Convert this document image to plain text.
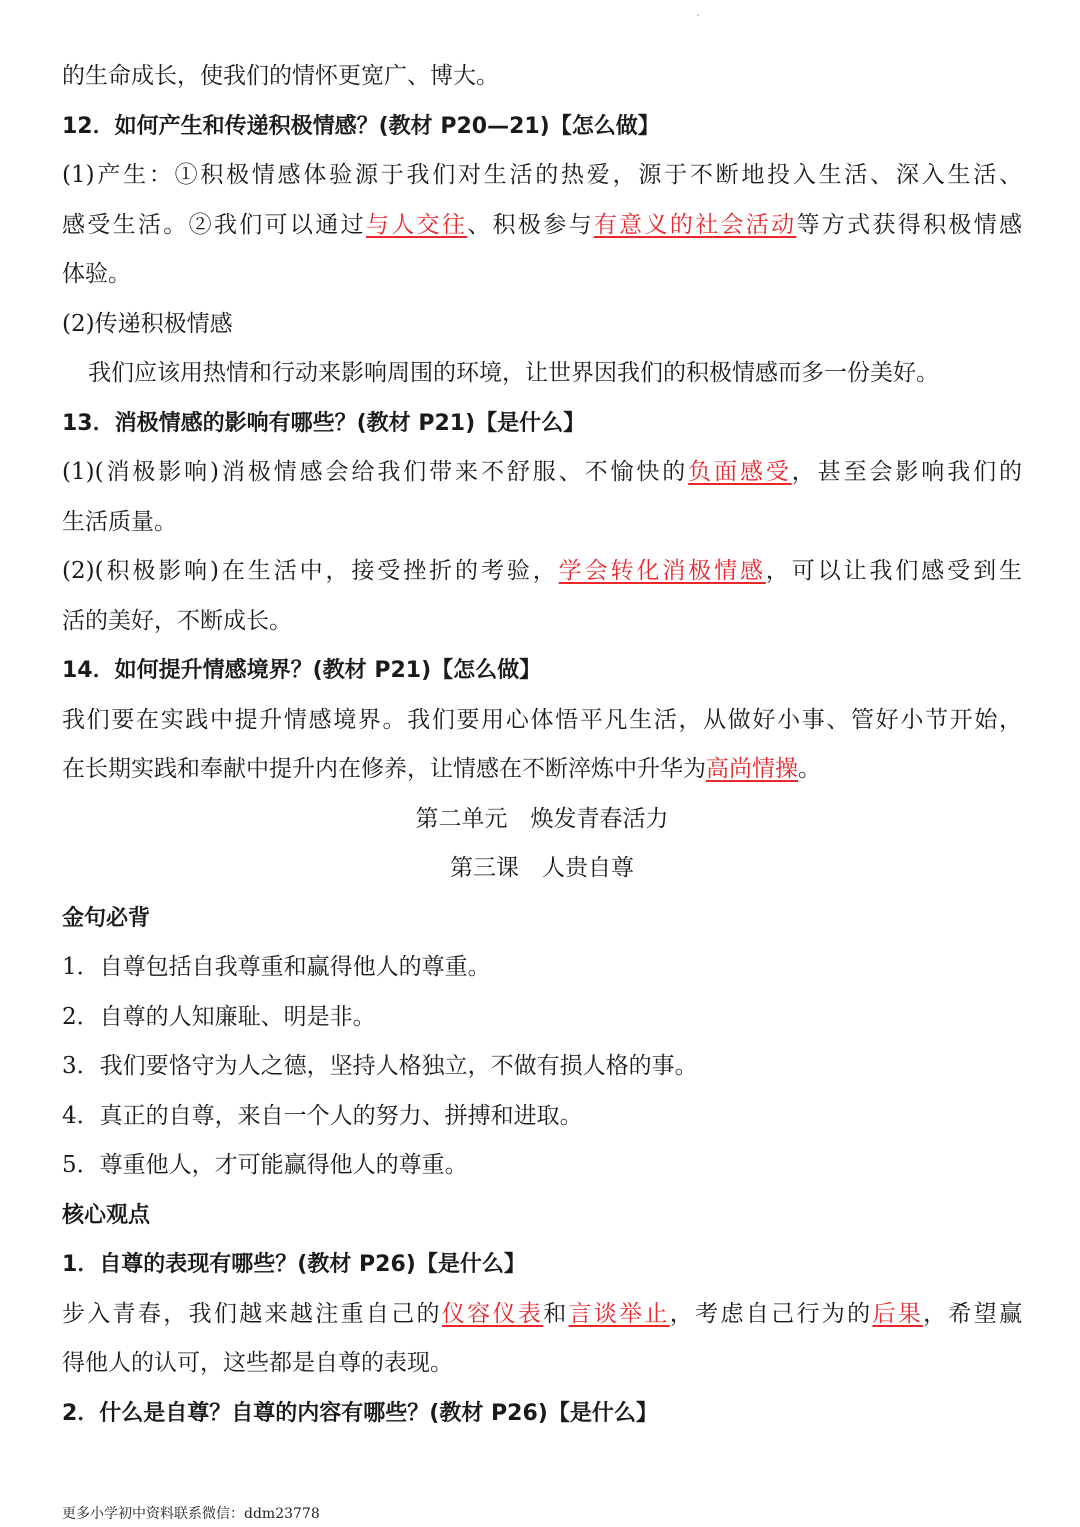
的生命成长，使我们的情怀更宽广、博大。
12．如何产生和传递积极情感？(教材 P20—21)【怎么做】
(1)产生：①积极情感体验源于我们对生活的热爱，源于不断地投入生活、深入生活、
感受生活。②我们可以通过与人交往、积极参与有意义的社会活动等方式获得积极情感
体验。
(2)传递积极情感
我们应该用热情和行动来影响周围的环境，让世界因我们的积极情感而多一份美好。
13．消极情感的影响有哪些？(教材 P21)【是什么】
(1)(消极影响)消极情感会给我们带来不舒服、不愉快的负面感受，甚至会影响我们的
生活质量。
(2)(积极影响)在生活中，接受挫折的考验，学会转化消极情感，可以让我们感受到生
活的美好，不断成长。
14．如何提升情感境界？(教材 P21)【怎么做】
我们要在实践中提升情感境界。我们要用心体悟平凡生活，从做好小事、管好小节开始，
在长期实践和奉献中提升内在修养，让情感在不断淬炼中升华为高尚情操。
第二单元　焕发青春活力
第三课　人贵自尊
金句必背
1．自尊包括自我尊重和赢得他人的尊重。
2．自尊的人知廉耻、明是非。
3．我们要恪守为人之德，坚持人格独立，不做有损人格的事。
4．真正的自尊，来自一个人的努力、拼搏和进取。
5．尊重他人，才可能赢得他人的尊重。
核心观点
1．自尊的表现有哪些？(教材 P26)【是什么】
步入青春，我们越来越注重自己的仪容仪表和言谈举止，考虑自己行为的后果，希望赢
得他人的认可，这些都是自尊的表现。
2．什么是自尊？自尊的内容有哪些？(教材 P26)【是什么】
更多小学初中资料联系微信：ddm23778
